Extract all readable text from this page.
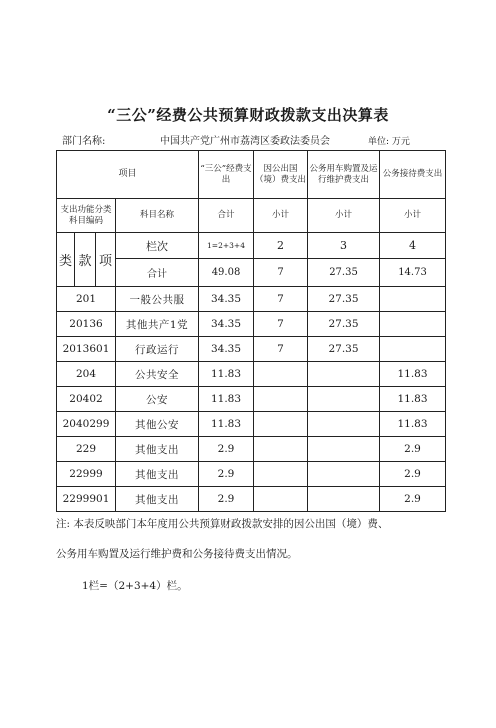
“三公”经费公共预算财政拨款支出决算表
部门名称:	中国共产党广州市荔湾区委政法委员会	单位: 万元
项目				“三公”经费支出	因公出国（境）费支出	公务用车购置及运行维护费支出	公务接待费支出
支出功能分类科目编码			科目名称	合计	小计	小计	小计
类	款	项	栏次	1=2+3+4	2	3	4
			合计	49.08	7	27.35	14.73
201			一般公共服	34.35	7	27.35	
20136			其他共产1党	34.35	7	27.35	
2013601			行政运行	34.35	7	27.35	
204			公共安全	11.83			11.83
20402			公安	11.83			11.83
2040299			其他公安	11.83			11.83
229			其他支出	2.9			2.9
22999			其他支出	2.9			2.9
2299901			其他支出	2.9			2.9
注: 本表反映部门本年度用公共预算财政拨款安排的因公出国（境）费、
公务用车购置及运行维护费和公务接待费支出情况。
1栏=（2+3+4）栏。
